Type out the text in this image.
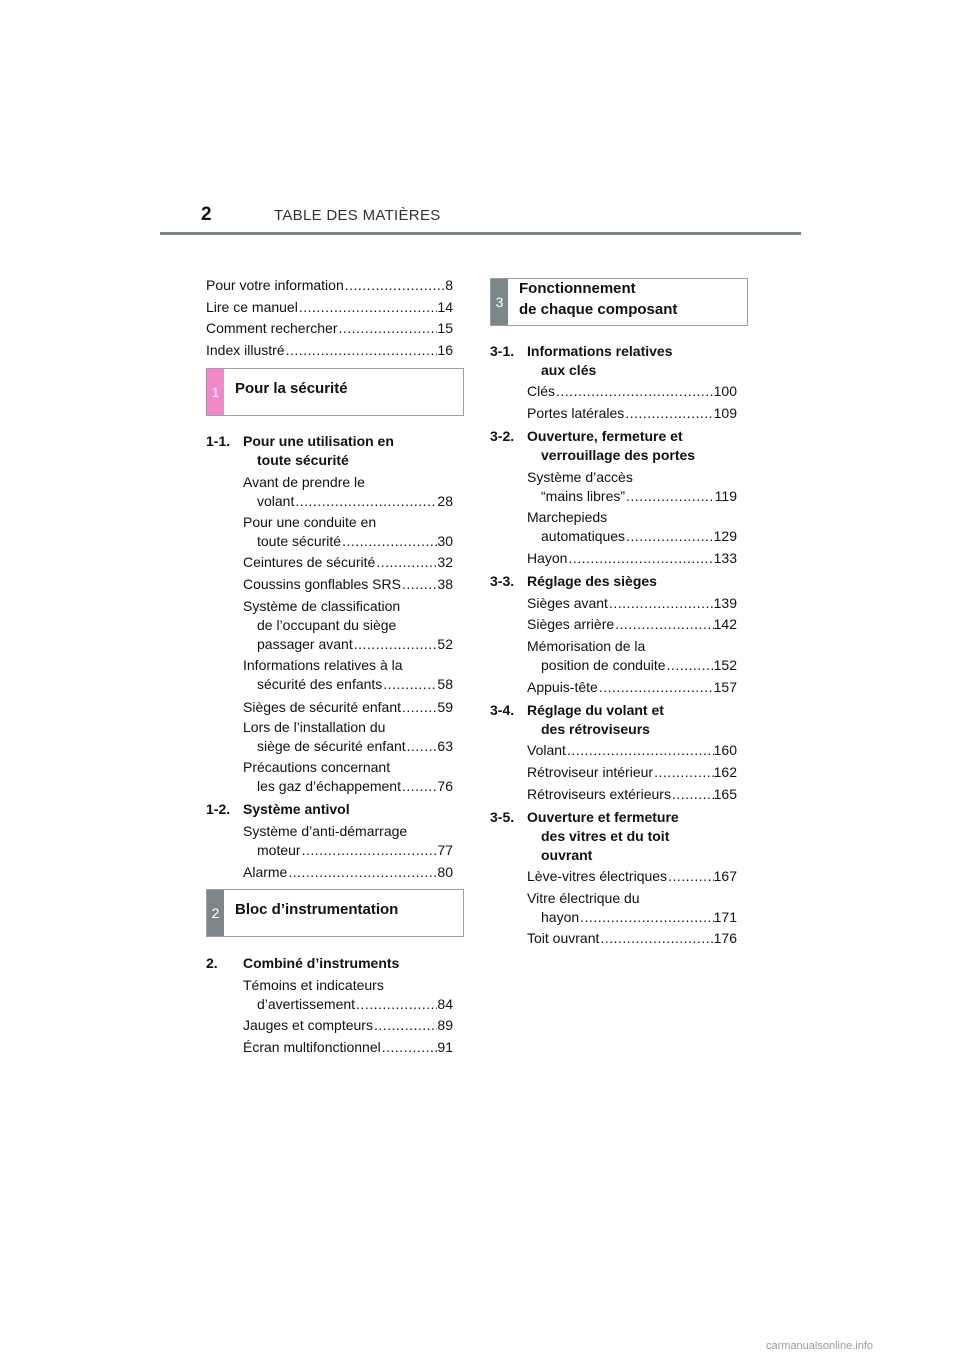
2	TABLE DES MATIÈRES
Pour votre information .....	8
Lire ce manuel .....	14
Comment rechercher .....	15
Index illustré .....	16
1	Pour la sécurité
1-1. Pour une utilisation en
toute sécurité
Avant de prendre le
volant .....	28
Pour une conduite en
toute sécurité .....	30
Ceintures de sécurité .....	32
Coussins gonflables SRS .....	38
Système de classification
de l’occupant du siège
passager avant .....	52
Informations relatives à la
sécurité des enfants .....	58
Sièges de sécurité enfant .....	59
Lors de l’installation du
siège de sécurité enfant ..... 63
Précautions concernant
les gaz d’échappement .....	76
1-2. Système antivol
Système d’anti-démarrage
moteur .....	77
Alarme .....	80
2	Bloc d’instrumentation
2. Combiné d’instruments
Témoins et indicateurs
d’avertissement .....	84
Jauges et compteurs .....	89
Écran multifonctionnel .....	91
3
Fonctionnement
de chaque composant
3-1. Informations relatives
aux clés
Clés .....	100
Portes latérales .....	109
3-2. Ouverture, fermeture et
verrouillage des portes
Système d’accès
“mains libres” .....	119
Marchepieds
automatiques .....	129
Hayon .....	133
3-3. Réglage des sièges
Sièges avant .....	139
Sièges arrière .....	142
Mémorisation de la
position de conduite .....	152
Appuis-tête .....	157
3-4. Réglage du volant et
des rétroviseurs
Volant .....	160
Rétroviseur intérieur .....	162
Rétroviseurs extérieurs .....	165
3-5. Ouverture et fermeture
des vitres et du toit
ouvrant
Lève-vitres électriques .....	167
Vitre électrique du
hayon .....	171
Toit ouvrant .....	176
carmanualsonline.info
